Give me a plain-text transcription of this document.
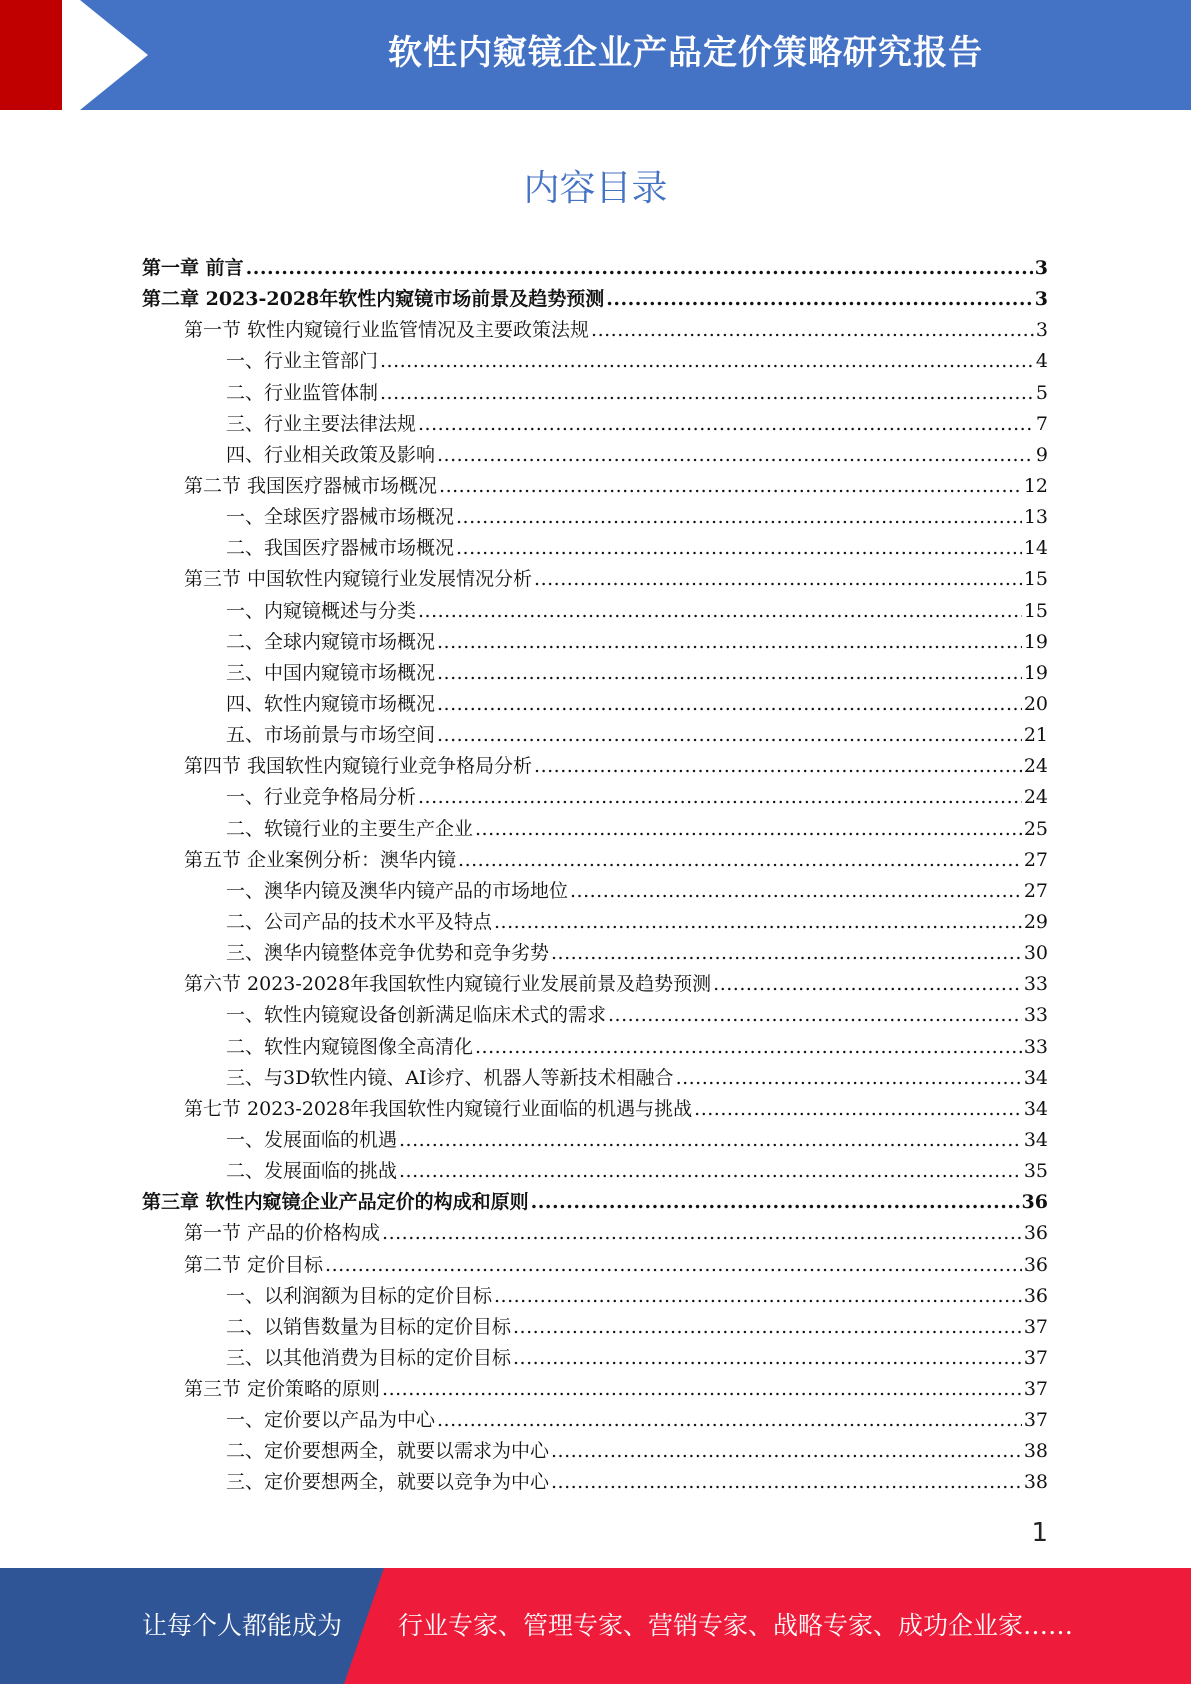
软性内窥镜企业产品定价策略研究报告
内容目录
第一章 前言 .....	3
第二章 2023-2028年软性内窥镜市场前景及趋势预测 .....	3
第一节 软性内窥镜行业监管情况及主要政策法规 .....	3
一、行业主管部门 .....	4
二、行业监管体制 .....	5
三、行业主要法律法规 .....	7
四、行业相关政策及影响 .....	9
第二节 我国医疗器械市场概况 .....	12
一、全球医疗器械市场概况 .....	13
二、我国医疗器械市场概况 .....	14
第三节 中国软性内窥镜行业发展情况分析 .....	15
一、内窥镜概述与分类 .....	15
二、全球内窥镜市场概况 .....	19
三、中国内窥镜市场概况 .....	19
四、软性内窥镜市场概况 .....	20
五、市场前景与市场空间 .....	21
第四节 我国软性内窥镜行业竞争格局分析 .....	24
一、行业竞争格局分析 .....	24
二、软镜行业的主要生产企业 .....	25
第五节 企业案例分析：澳华内镜 .....	27
一、澳华内镜及澳华内镜产品的市场地位 .....	27
二、公司产品的技术水平及特点 .....	29
三、澳华内镜整体竞争优势和竞争劣势 .....	30
第六节 2023-2028年我国软性内窥镜行业发展前景及趋势预测 .....	33
一、软性内镜窥设备创新满足临床术式的需求 .....	33
二、软性内窥镜图像全高清化 .....	33
三、与3D软性内镜、AI诊疗、机器人等新技术相融合 .....	34
第七节 2023-2028年我国软性内窥镜行业面临的机遇与挑战 .....	34
一、发展面临的机遇 .....	34
二、发展面临的挑战 .....	35
第三章 软性内窥镜企业产品定价的构成和原则 .....	36
第一节 产品的价格构成 .....	36
第二节 定价目标 .....	36
一、以利润额为目标的定价目标 .....	36
二、以销售数量为目标的定价目标 .....	37
三、以其他消费为目标的定价目标 .....	37
第三节 定价策略的原则 .....	37
一、定价要以产品为中心 .....	37
二、定价要想两全，就要以需求为中心 .....	38
三、定价要想两全，就要以竞争为中心 .....	38
1
让每个人都能成为 行业专家、管理专家、营销专家、战略专家、成功企业家……
